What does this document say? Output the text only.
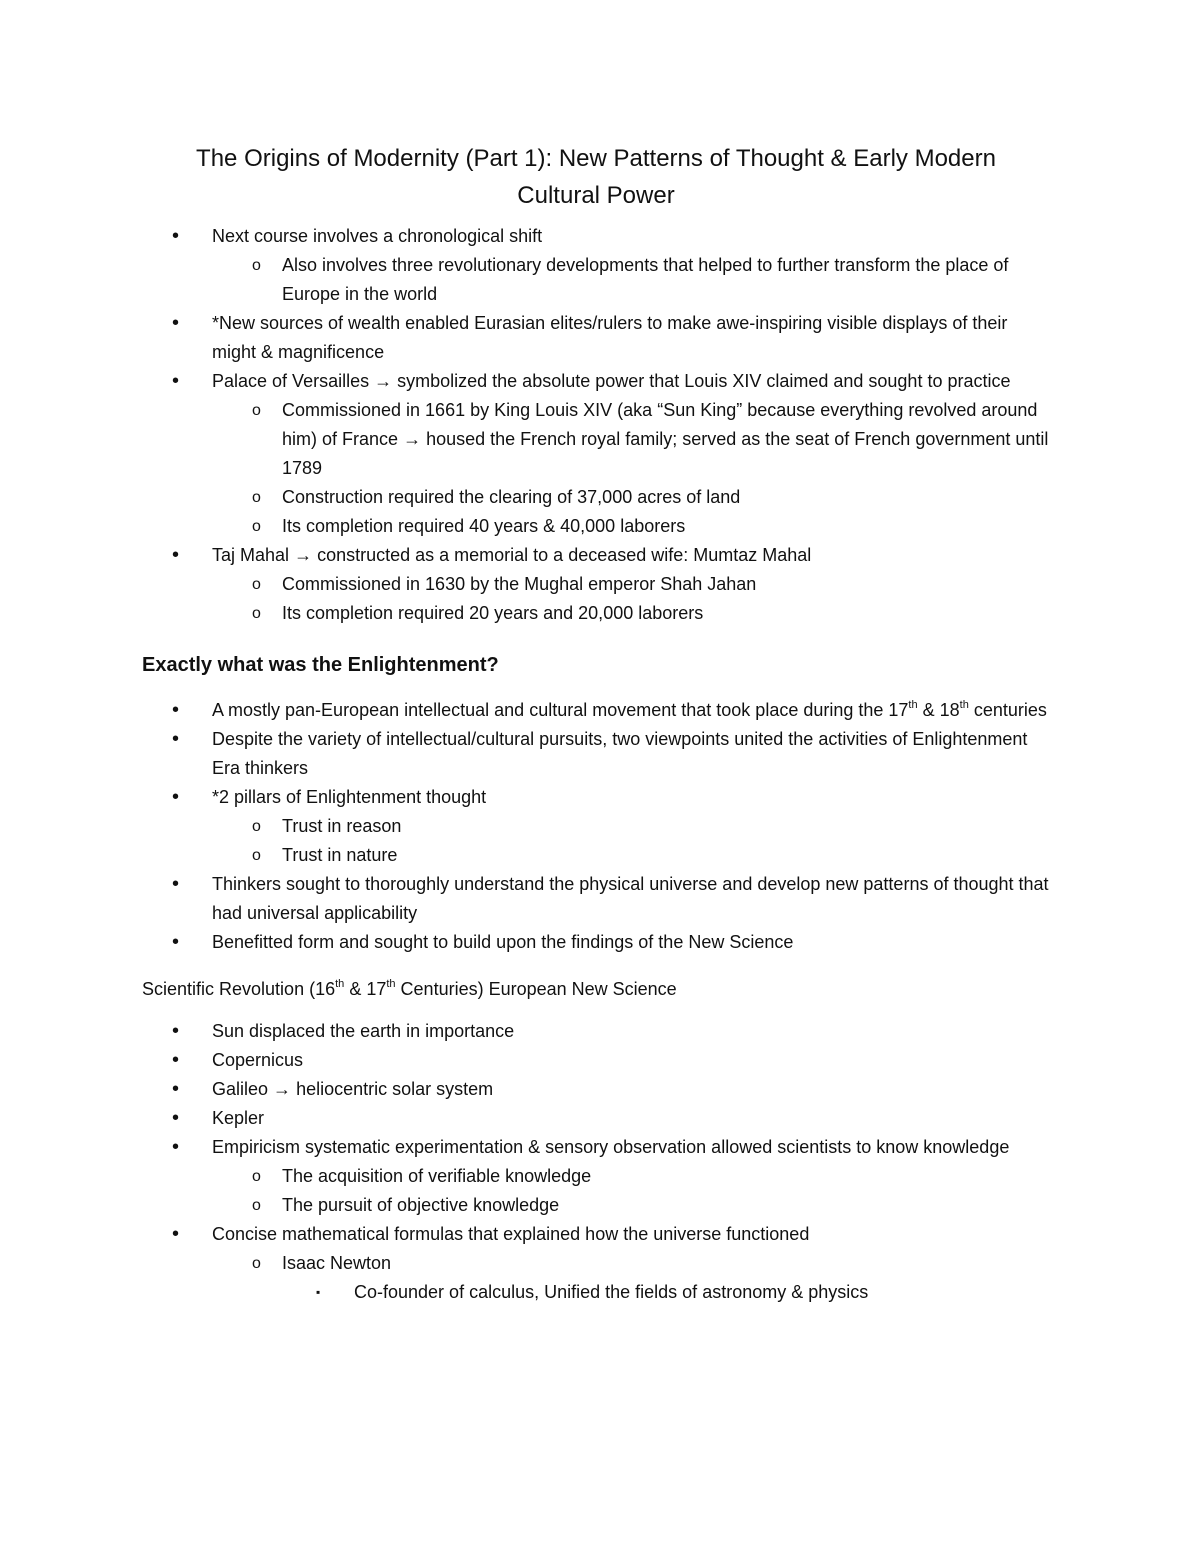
The Origins of Modernity (Part 1): New Patterns of Thought & Early Modern
Cultural Power
• Next course involves a chronological shift
o Also involves three revolutionary developments that helped to further transform the place of Europe in the world
• *New sources of wealth enabled Eurasian elites/rulers to make awe-inspiring visible displays of their might & magnificence
• Palace of Versailles → symbolized the absolute power that Louis XIV claimed and sought to practice
o Commissioned in 1661 by King Louis XIV (aka “Sun King” because everything revolved around him) of France → housed the French royal family; served as the seat of French government until 1789
o Construction required the clearing of 37,000 acres of land
o Its completion required 40 years & 40,000 laborers
• Taj Mahal → constructed as a memorial to a deceased wife: Mumtaz Mahal
o Commissioned in 1630 by the Mughal emperor Shah Jahan
o Its completion required 20 years and 20,000 laborers
Exactly what was the Enlightenment?
• A mostly pan-European intellectual and cultural movement that took place during the 17th & 18th centuries
• Despite the variety of intellectual/cultural pursuits, two viewpoints united the activities of Enlightenment Era thinkers
• *2 pillars of Enlightenment thought
o Trust in reason
o Trust in nature
• Thinkers sought to thoroughly understand the physical universe and develop new patterns of thought that had universal applicability
• Benefitted form and sought to build upon the findings of the New Science
Scientific Revolution (16th & 17th Centuries) European New Science
• Sun displaced the earth in importance
• Copernicus
• Galileo → heliocentric solar system
• Kepler
• Empiricism systematic experimentation & sensory observation allowed scientists to know knowledge
o The acquisition of verifiable knowledge
o The pursuit of objective knowledge
• Concise mathematical formulas that explained how the universe functioned
o Isaac Newton
▪ Co-founder of calculus, Unified the fields of astronomy & physics
